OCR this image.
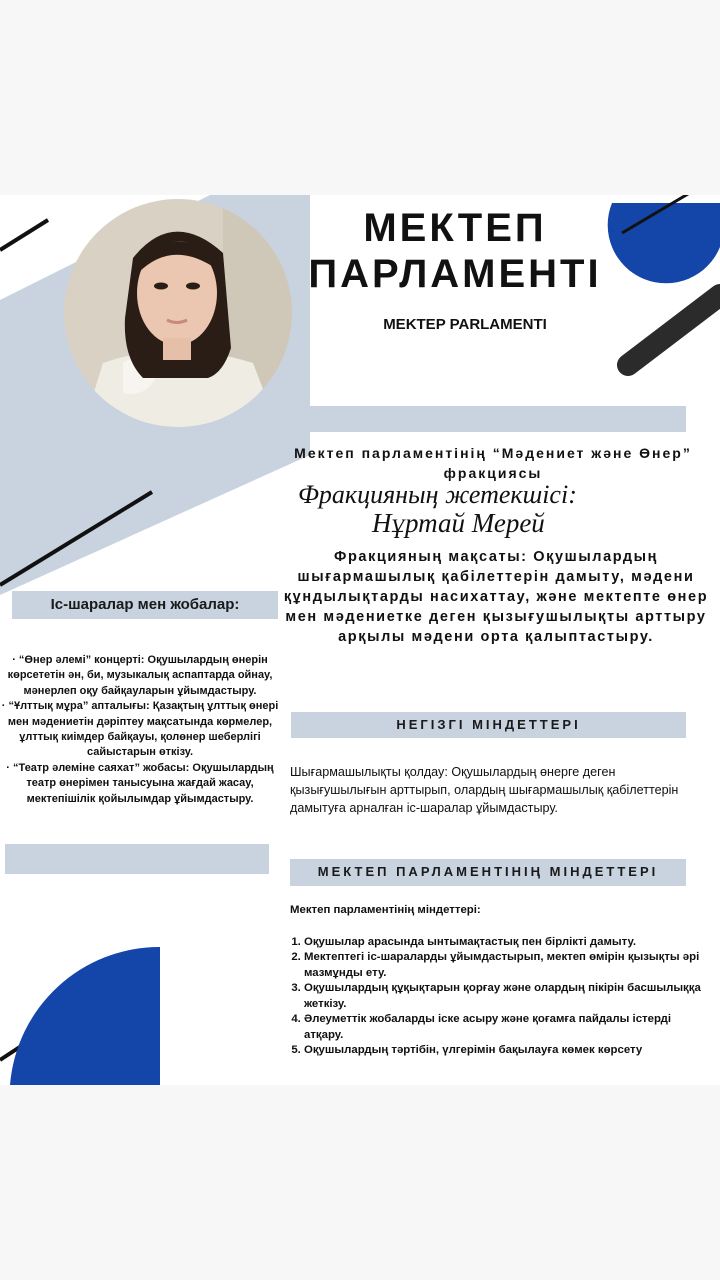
МЕКТЕП
ПАРЛАМЕНТІ
MEKTEP PARLAMENTI
Мектеп парламентінің “Мәдениет және Өнер” фракциясы
Фракцияның жетекшісі:
Нұртай Мерей
Фракцияның мақсаты: Оқушылардың шығармашылық қабілеттерін дамыту, мәдени құндылықтарды насихаттау, және мектепте өнер мен мәдениетке деген қызығушылықты арттыру арқылы мәдени орта қалыптастыру.
Іс-шаралар мен жобалар:

· “Өнер әлемі” концерті: Оқушылардың өнерін көрсететін ән, би, музыкалық аспаптарда ойнау, мәнерлеп оқу байқауларын ұйымдастыру.

· “Ұлттық мұра” апталығы: Қазақтың ұлттық өнері мен мәдениетін дәріптеу мақсатында көрмелер, ұлттық киімдер байқауы, қолөнер шеберлігі сайыстарын өткізу.

· “Театр әлеміне саяхат” жобасы: Оқушылардың театр өнерімен танысуына жағдай жасау, мектепішілік қойылымдар ұйымдастыру.

НЕГІЗГІ МІНДЕТТЕРІ
Шығармашылықты қолдау: Оқушылардың өнерге деген қызығушылығын арттырып, олардың шығармашылық қабілеттерін дамытуға арналған іс-шаралар ұйымдастыру.
МЕКТЕП ПАРЛАМЕНТІНІҢ МІНДЕТТЕРІ

Мектеп парламентінің міндеттері:

1. Оқушылар арасында ынтымақтастық пен бірлікті дамыту.
2. Мектептегі іс-шараларды ұйымдастырып, мектеп өмірін қызықты әрі мазмұнды ету.
3. Оқушылардың құқықтарын қорғау және олардың пікірін басшылыққа жеткізу.
4. Әлеуметтік жобаларды іске асыру және қоғамға пайдалы істерді атқару.
5. Оқушылардың тәртібін, үлгерімін бақылауға көмек көрсету
